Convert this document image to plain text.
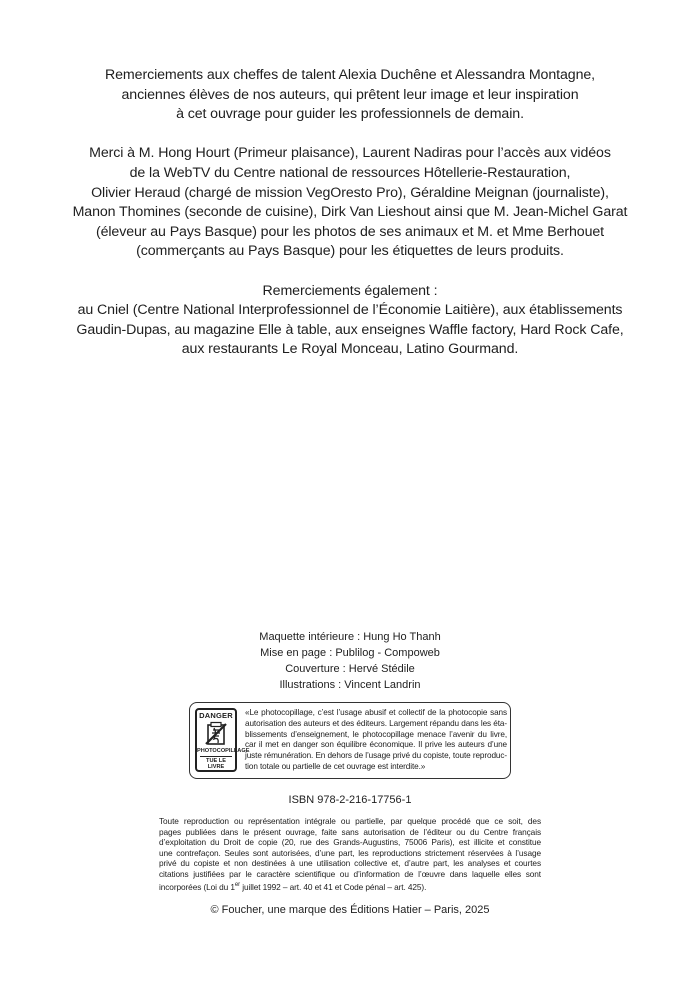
Remerciements aux cheffes de talent Alexia Duchêne et Alessandra Montagne,
anciennes élèves de nos auteurs, qui prêtent leur image et leur inspiration
à cet ouvrage pour guider les professionnels de demain.

Merci à M. Hong Hourt (Primeur plaisance), Laurent Nadiras pour l’accès aux vidéos
de la WebTV du Centre national de ressources Hôtellerie-Restauration,
Olivier Heraud (chargé de mission VegOresto Pro), Géraldine Meignan (journaliste),
Manon Thomines (seconde de cuisine), Dirk Van Lieshout ainsi que M. Jean-Michel Garat
(éleveur au Pays Basque) pour les photos de ses animaux et M. et Mme Berhouet
(commerçants au Pays Basque) pour les étiquettes de leurs produits.

Remerciements également :
au Cniel (Centre National Interprofessionnel de l’Économie Laitière), aux établissements
Gaudin-Dupas, au magazine Elle à table, aux enseignes Waffle factory, Hard Rock Cafe,
aux restaurants Le Royal Monceau, Latino Gourmand.

Maquette intérieure : Hung Ho Thanh
Mise en page : Publilog - Compoweb
Couverture : Hervé Stédile
Illustrations : Vincent Landrin
DANGER
PHOTOCOPILLAGE
TUE LE LIVRE
«Le photocopillage, c’est l’usage abusif et collectif de la photocopie sans
autorisation des auteurs et des éditeurs. Largement répandu dans les éta-
blissements d’enseignement, le photocopillage menace l’avenir du livre,
car il met en danger son équilibre économique. Il prive les auteurs d’une
juste rémunération. En dehors de l’usage privé du copiste, toute reproduc-
tion totale ou partielle de cet ouvrage est interdite.»
ISBN 978-2-216-17756-1
Toute reproduction ou représentation intégrale ou partielle, par quelque procédé que ce soit, des
pages publiées dans le présent ouvrage, faite sans autorisation de l’éditeur ou du Centre français
d’exploitation du Droit de copie (20, rue des Grands-Augustins, 75006 Paris), est illicite et constitue
une contrefaçon. Seules sont autorisées, d’une part, les reproductions strictement réservées à l’usage
privé du copiste et non destinées à une utilisation collective et, d’autre part, les analyses et courtes
citations justifiées par le caractère scientifique ou d’information de l’œuvre dans laquelle elles sont
incorporées (Loi du 1er juillet 1992 – art. 40 et 41 et Code pénal – art. 425).
© Foucher, une marque des Éditions Hatier – Paris, 2025
